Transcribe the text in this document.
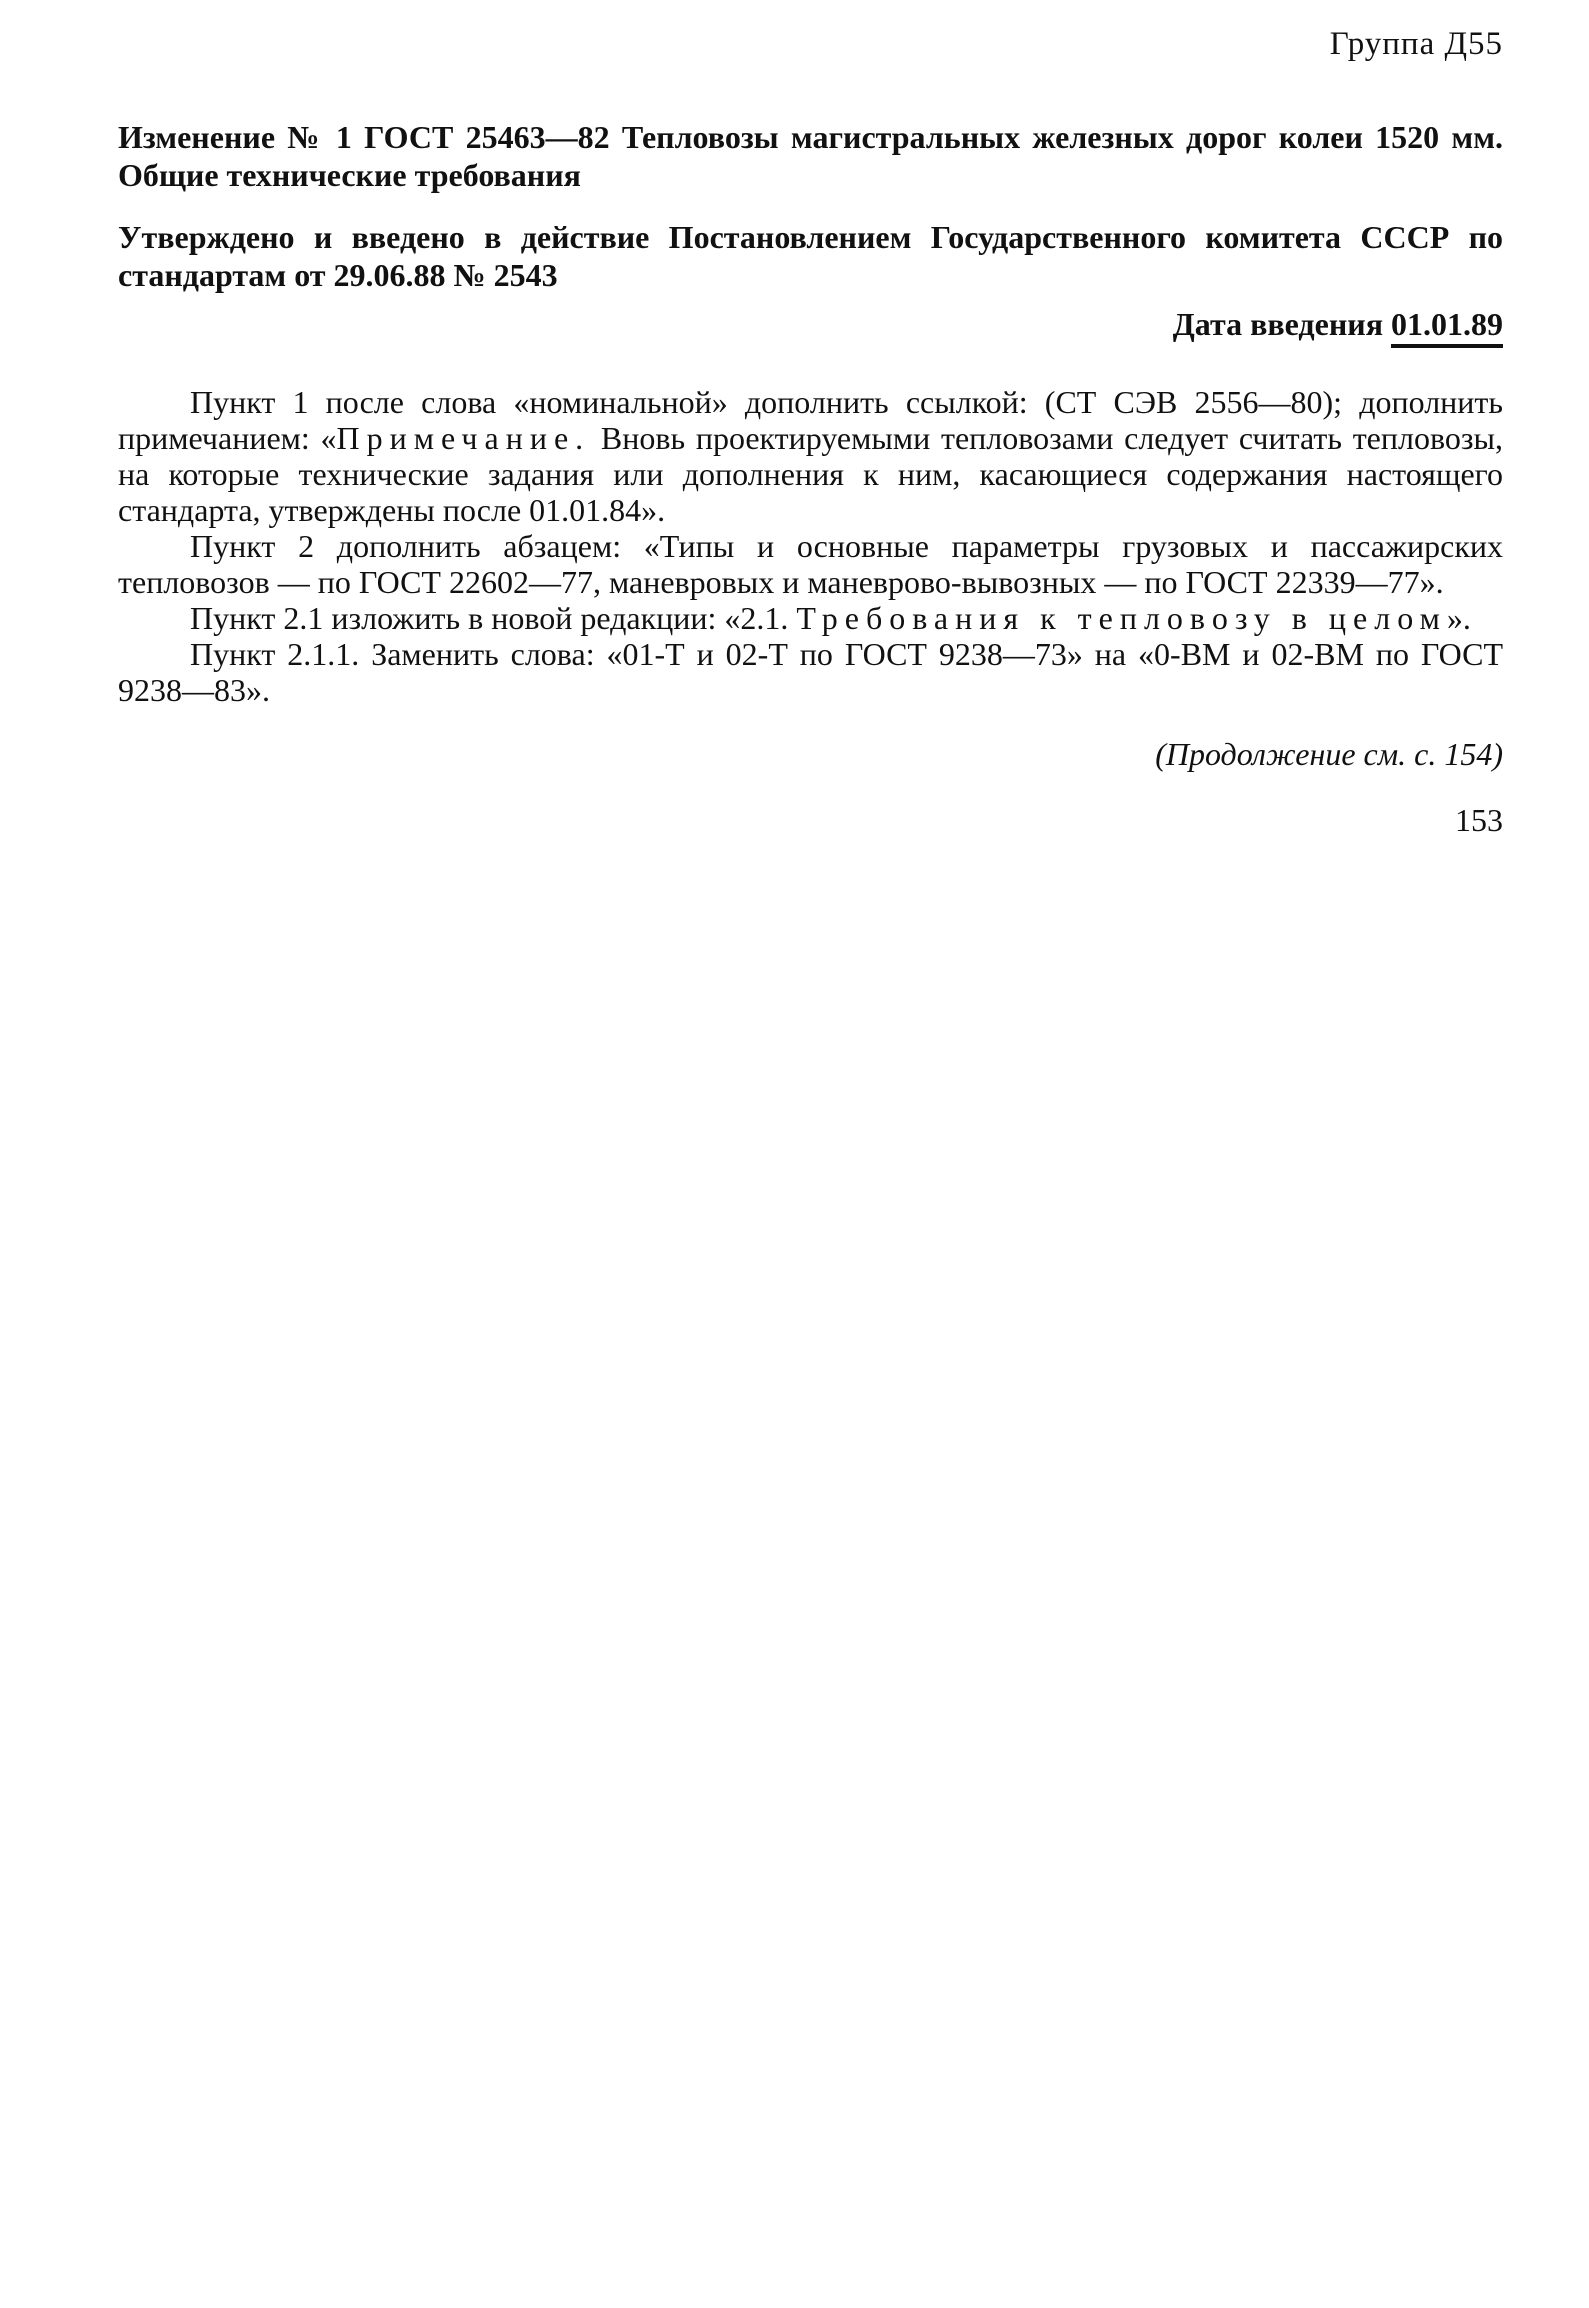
Группа Д55
Изменение № 1 ГОСТ 25463—82 Тепловозы магистральных железных дорог колеи 1520 мм. Общие технические требования
Утверждено и введено в действие Постановлением Государственного комитета СССР по стандартам от 29.06.88 № 2543
Дата введения 01.01.89

Пункт 1 после слова «номинальной» дополнить ссылкой: (СТ СЭВ 2556—80); дополнить примечанием: «Примечание. Вновь проектируемыми тепловозами следует считать тепловозы, на которые технические задания или дополнения к ним, касающиеся содержания настоящего стандарта, утверждены после 01.01.84».

Пункт 2 дополнить абзацем: «Типы и основные параметры грузовых и пассажирских тепловозов — по ГОСТ 22602—77, маневровых и маневрово-вывозных — по ГОСТ 22339—77».

Пункт 2.1 изложить в новой редакции: «2.1. Требования к тепловозу в целом».

Пункт 2.1.1. Заменить слова: «01-Т и 02-Т по ГОСТ 9238—73» на «0-ВМ и 02-ВМ по ГОСТ 9238—83».

(Продолжение см. с. 154)
153
